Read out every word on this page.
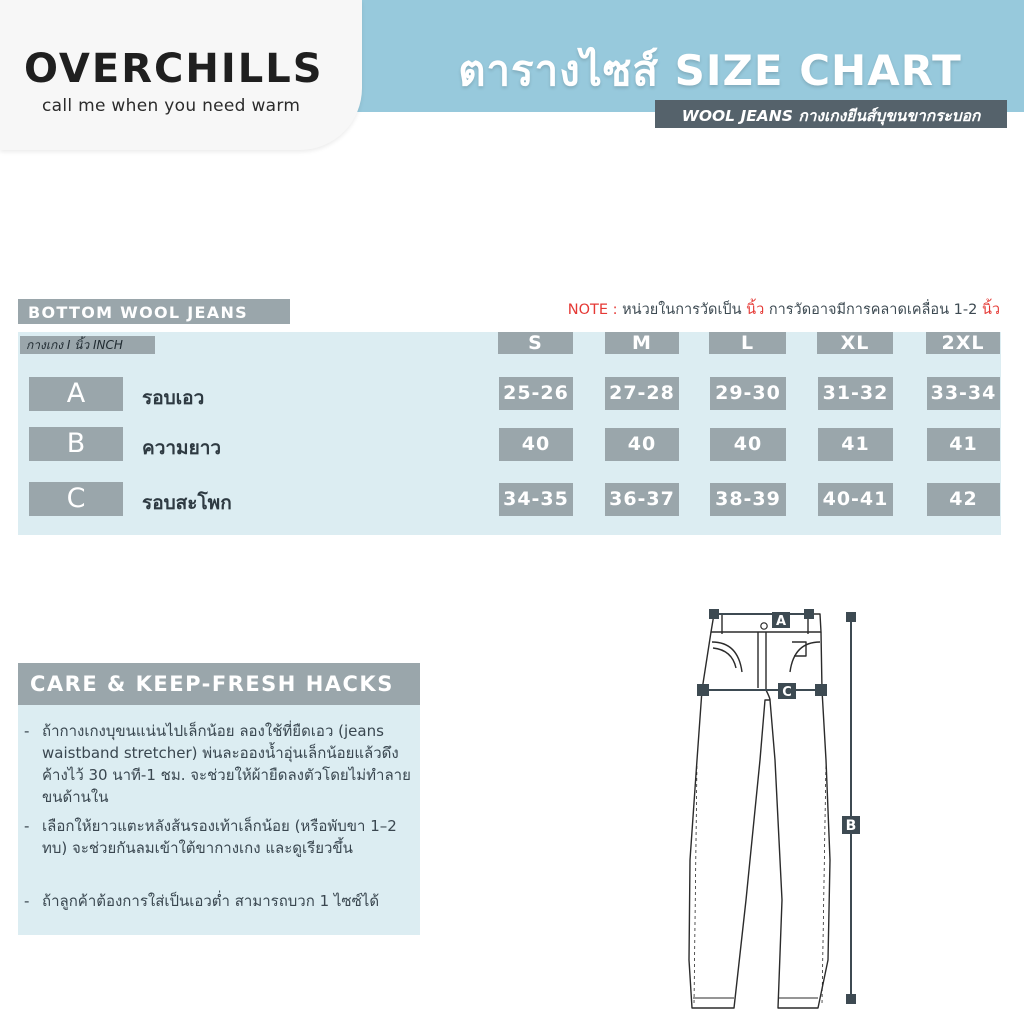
OVERCHILLS
call me when you need warm
ตารางไซส์ SIZE CHART
WOOL JEANS กางเกงยีนส์บุขนขากระบอก
BOTTOM WOOL JEANS	NOTE : หน่วยในการวัดเป็น นิ้ว การวัดอาจมีการคลาดเคลื่อน 1-2 นิ้ว
กางเกง I นิ้ว INCH	S	M	L	XL	2XL
A	รอบเอว	25-26 27-28 29-30 31-32 33-34
B	ความยาว	40	40	40	41	41
C	รอบสะโพก	34-35 36-37 38-39 40-41	42
CARE & KEEP-FRESH HACKS
- ถ้ากางเกงบุขนแน่นไปเล็กน้อย ลองใช้ที่ยืดเอว (jeans waistband stretcher) พ่นละอองน้ำอุ่นเล็กน้อยแล้วดึงค้างไว้ 30 นาที-1 ชม. จะช่วยให้ผ้ายืดลงตัวโดยไม่ทำลายขนด้านใน
- เลือกให้ยาวแตะหลังส้นรองเท้าเล็กน้อย (หรือพับขา 1–2 ทบ) จะช่วยกันลมเข้าใต้ขากางเกง และดูเรียวขึ้น
- ถ้าลูกค้าต้องการใส่เป็นเอวต่ำ สามารถบวก 1 ไซซ์ได้
A
C
B
